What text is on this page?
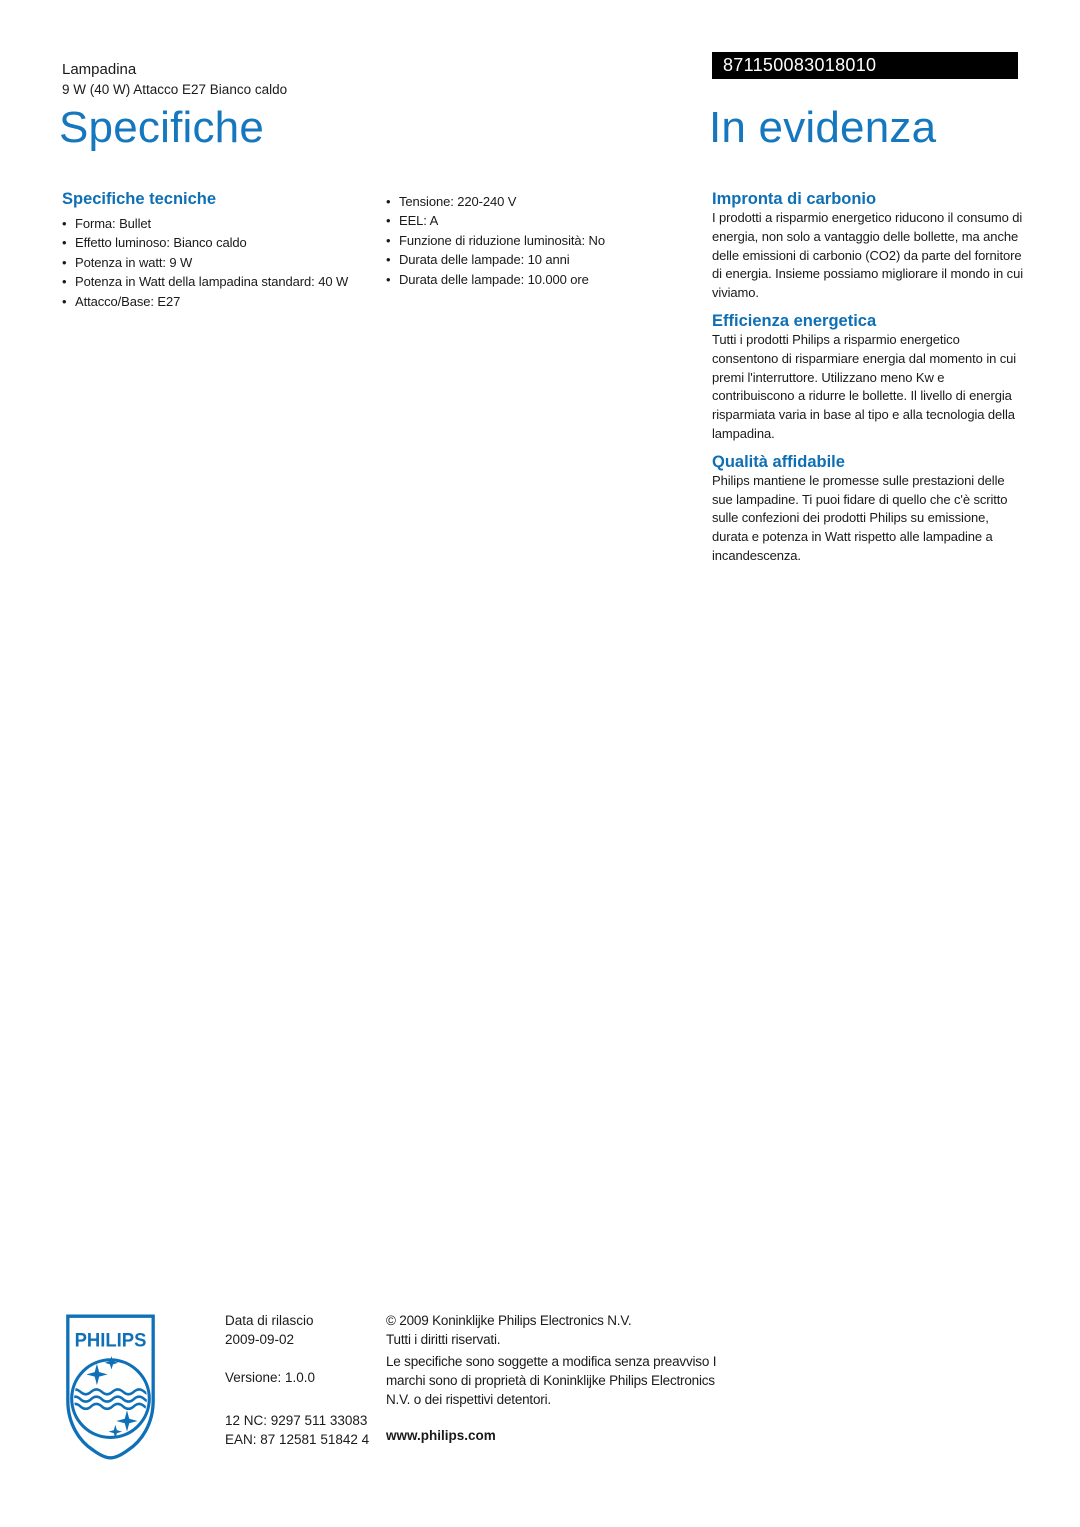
Lampadina
9 W (40 W) Attacco E27 Bianco caldo
Specifiche
871150083018010
In evidenza
Specifiche tecniche
• Forma: Bullet
• Effetto luminoso: Bianco caldo
• Potenza in watt: 9 W
• Potenza in Watt della lampadina standard: 40 W
• Attacco/Base: E27
• Tensione: 220-240 V
• EEL: A
• Funzione di riduzione luminosità: No
• Durata delle lampade: 10 anni
• Durata delle lampade: 10.000 ore
Impronta di carbonio

I prodotti a risparmio energetico riducono il consumo di energia, non solo a vantaggio delle bollette, ma anche delle emissioni di carbonio (CO2) da parte del fornitore di energia. Insieme possiamo migliorare il mondo in cui viviamo.

Efficienza energetica

Tutti i prodotti Philips a risparmio energetico consentono di risparmiare energia dal momento in cui premi l'interruttore. Utilizzano meno Kw e contribuiscono a ridurre le bollette. Il livello di energia risparmiata varia in base al tipo e alla tecnologia della lampadina.

Qualità affidabile

Philips mantiene le promesse sulle prestazioni delle sue lampadine. Ti puoi fidare di quello che c'è scritto sulle confezioni dei prodotti Philips su emissione, durata e potenza in Watt rispetto alle lampadine a incandescenza.

PHILIPS
Data di rilascio
2009-09-02
Versione: 1.0.0
12 NC: 9297 511 33083
EAN: 87 12581 51842 4
© 2009 Koninklijke Philips Electronics N.V.
Tutti i diritti riservati.
Le specifiche sono soggette a modifica senza preavviso I marchi sono di proprietà di Koninklijke Philips Electronics N.V. o dei rispettivi detentori.
www.philips.com
